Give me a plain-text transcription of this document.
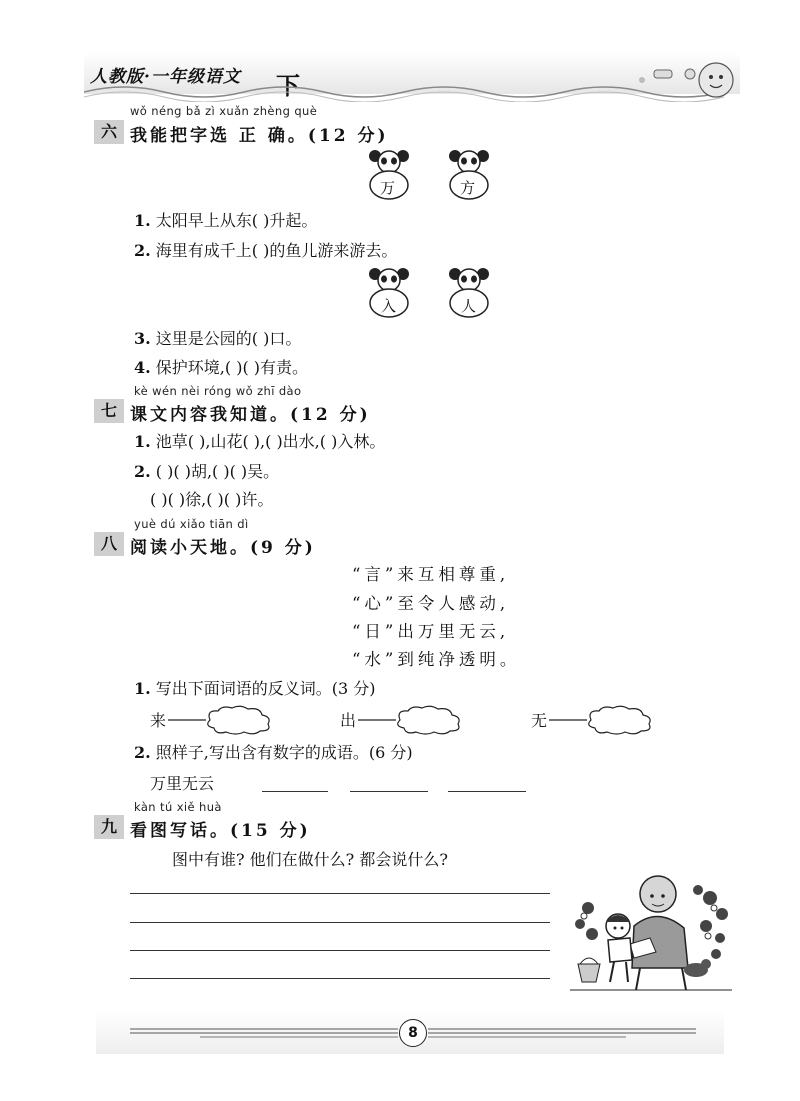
人教版·一年级语文 下
wǒ néng bǎ zì xuǎn zhèng què
六 我能把字选 正 确。(12 分)
万	方
1. 太阳早上从东( )升起。
2. 海里有成千上( )的鱼儿游来游去。
入	人
3. 这里是公园的( )口。
4. 保护环境,( )( )有责。
kè wén nèi róng wǒ zhī dào
七 课文内容我知道。(12 分)
1. 池草( ),山花( ),( )出水,( )入林。
2. ( )( )胡,( )( )吴。
( )( )徐,( )( )许。
yuè dú xiǎo tiān dì
八 阅读小天地。(9 分)
“言”来互相尊重,
“心”至令人感动,
“日”出万里无云,
“水”到纯净透明。
1. 写出下面词语的反义词。(3 分)
来	出	无
2. 照样子,写出含有数字的成语。(6 分)
万里无云
kàn tú xiě huà
九 看图写话。(15 分)
图中有谁? 他们在做什么? 都会说什么?
8
